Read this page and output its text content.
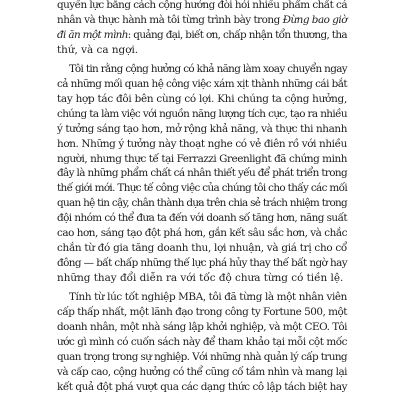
quyền lực bằng cách cộng hưởng đòi hỏi nhiều phẩm chất cá
nhân và thực hành mà tôi từng trình bày trong Đừng bao giờ
đi ăn một mình: quảng đại, biết ơn, chấp nhận tổn thương, tha
thứ, và ca ngợi.

Tôi tin rằng cộng hưởng có khả năng làm xoay chuyển ngay
cả những mối quan hệ công việc xám xịt thành những cái bắt
tay hợp tác đôi bên cùng có lợi. Khi chúng ta cộng hưởng,
chúng ta làm việc với nguồn năng lượng tích cực, tạo ra nhiều
ý tưởng sáng tạo hơn, mở rộng khả năng, và thực thi nhanh
hơn. Những ý tưởng này thoạt nghe có vẻ điên rồ với nhiều
người, nhưng thực tế tại Ferrazzi Greenlight đã chứng minh
đây là những phẩm chất cá nhân thiết yếu để phát triển trong
thế giới mới. Thực tế công việc của chúng tôi cho thấy các mối
quan hệ tin cậy, chân thành dựa trên chia sẻ trách nhiệm trong
đội nhóm có thể đưa ta đến với doanh số tăng hơn, năng suất
cao hơn, sáng tạo đột phá hơn, gắn kết sâu sắc hơn, và chắc
chắn từ đó gia tăng doanh thu, lợi nhuận, và giá trị cho cổ
đông — bất chấp những thế lực phá hủy thay thế bất ngờ hay
những thay đổi diễn ra với tốc độ chưa từng có tiền lệ.

Tính từ lúc tốt nghiệp MBA, tôi đã từng là một nhân viên
cấp thấp nhất, một lãnh đạo trong công ty Fortune 500, một
doanh nhân, một nhà sáng lập khởi nghiệp, và một CEO. Tôi
ước gì mình có cuốn sách này để tham khảo tại mỗi cột mốc
quan trọng trong sự nghiệp. Với những nhà quản lý cấp trung
và cấp cao, cộng hưởng có thể cũng cố tầm nhìn và mang lại
kết quả đột phá vượt qua các dạng thức cô lập tách biệt hay
